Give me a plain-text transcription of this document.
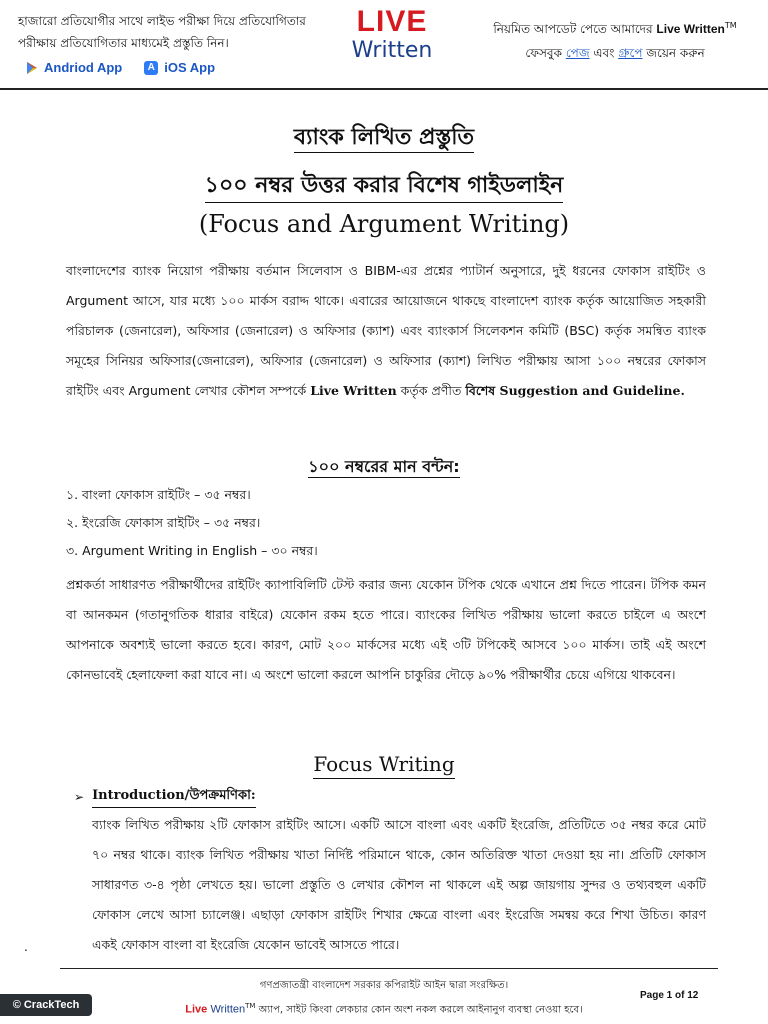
হাজারো প্রতিযোগীর সাথে লাইভ পরীক্ষা দিয়ে প্রতিযোগিতার
পরীক্ষায় প্রতিযোগিতার মাধ্যমেই প্রস্তুতি নিন।
Andriod App	A iOS App
LIVE
Written
নিয়মিত আপডেট পেতে আমাদের Live Written™
ফেসবুক পেজ এবং গ্রুপে জয়েন করুন
ব্যাংক লিখিত প্রস্তুতি
১০০ নম্বর উত্তর করার বিশেষ গাইডলাইন
(Focus and Argument Writing)
বাংলাদেশের ব্যাংক নিয়োগ পরীক্ষায় বর্তমান সিলেবাস ও BIBM-এর প্রশ্নের প্যাটার্ন অনুসারে, দুই ধরনের ফোকাস রাইটিং ও Argument আসে, যার মধ্যে ১০০ মার্কস বরাদ্দ থাকে। এবারের আয়োজনে থাকছে বাংলাদেশ ব্যাংক কর্তৃক আয়োজিত সহকারী পরিচালক (জেনারেল), অফিসার (জেনারেল) ও অফিসার (ক্যাশ) এবং ব্যাংকার্স সিলেকশন কমিটি (BSC) কর্তৃক সমন্বিত ব্যাংক সমূহের সিনিয়র অফিসার(জেনারেল), অফিসার (জেনারেল) ও অফিসার (ক্যাশ) লিখিত পরীক্ষায় আসা ১০০ নম্বরের ফোকাস রাইটিং এবং Argument লেখার কৌশল সম্পর্কে Live Written কর্তৃক প্রণীত বিশেষ Suggestion and Guideline.
১০০ নম্বরের মান বন্টন:
১. বাংলা ফোকাস রাইটিং – ৩৫ নম্বর।
২. ইংরেজি ফোকাস রাইটিং – ৩৫ নম্বর।
৩. Argument Writing in English – ৩০ নম্বর।
প্রশ্নকর্তা সাধারণত পরীক্ষার্থীদের রাইটিং ক্যাপাবিলিটি টেস্ট করার জন্য যেকোন টপিক থেকে এখানে প্রশ্ন দিতে পারেন। টপিক কমন বা আনকমন (গতানুগতিক ধারার বাইরে) যেকোন রকম হতে পারে। ব্যাংকের লিখিত পরীক্ষায় ভালো করতে চাইলে এ অংশে আপনাকে অবশ্যই ভালো করতে হবে। কারণ, মোট ২০০ মার্কসের মধ্যে এই ৩টি টপিকেই আসবে ১০০ মার্কস। তাই এই অংশে কোনভাবেই হেলাফেলা করা যাবে না। এ অংশে ভালো করলে আপনি চাকুরির দৌড়ে ৯০% পরীক্ষার্থীর চেয়ে এগিয়ে থাকবেন।
Focus Writing
➢ Introduction/উপক্রমণিকা:
ব্যাংক লিখিত পরীক্ষায় ২টি ফোকাস রাইটিং আসে। একটি আসে বাংলা এবং একটি ইংরেজি, প্রতিটিতে ৩৫ নম্বর করে মোট ৭০ নম্বর থাকে। ব্যাংক লিখিত পরীক্ষায় খাতা নির্দিষ্ট পরিমানে থাকে, কোন অতিরিক্ত খাতা দেওয়া হয় না। প্রতিটি ফোকাস সাধারণত ৩-৪ পৃষ্ঠা লেখতে হয়। ভালো প্রস্তুতি ও লেখার কৌশল না থাকলে এই অল্প জায়গায় সুন্দর ও তথ্যবহুল একটি ফোকাস লেখে আসা চ্যালেঞ্জ। এছাড়া ফোকাস রাইটিং শিখার ক্ষেত্রে বাংলা এবং ইংরেজি সমন্বয় করে শিখা উচিত। কারণ একই ফোকাস বাংলা বা ইংরেজি যেকোন ভাবেই আসতে পারে।
.
গণপ্রজাতন্ত্রী বাংলাদেশ সরকার কপিরাইট আইন দ্বারা সংরক্ষিত।
Live Written™ অ্যাপ, সাইট কিংবা লেকচার কোন অংশ নকল করলে আইনানুগ ব্যবস্থা নেওয়া হবে।
Page 1 of 12
© CrackTech
